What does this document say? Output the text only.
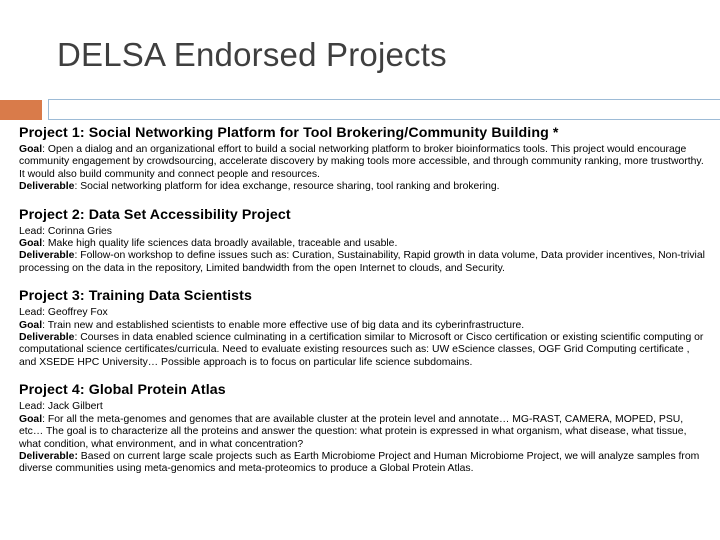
DELSA Endorsed Projects
Project 1: Social Networking Platform for Tool Brokering/Community Building *
Goal: Open a dialog and an organizational effort to build a social networking platform to broker bioinformatics tools. This project would encourage community engagement by crowdsourcing, accelerate discovery by making tools more accessible, and through community ranking, more trustworthy. It would also build community and connect people and resources.
Deliverable: Social networking platform for idea exchange, resource sharing, tool ranking and brokering.
Project 2: Data Set Accessibility Project
Lead: Corinna Gries
Goal: Make high quality life sciences data broadly available, traceable and usable.
Deliverable: Follow-on workshop to define issues such as: Curation, Sustainability, Rapid growth in data volume, Data provider incentives, Non-trivial processing on the data in the repository, Limited bandwidth from the open Internet to clouds, and Security.
Project 3: Training Data Scientists
Lead: Geoffrey Fox
Goal: Train new and established scientists to enable more effective use of big data and its cyberinfrastructure.
Deliverable: Courses in data enabled science culminating in a certification similar to Microsoft or Cisco certification or existing scientific computing or computational science certificates/curricula. Need to evaluate existing resources such as: UW eScience classes, OGF Grid Computing certificate , and XSEDE HPC University… Possible approach is to focus on particular life science subdomains.
Project 4: Global Protein Atlas
Lead: Jack Gilbert
Goal: For all the meta-genomes and genomes that are available cluster at the protein level and annotate… MG-RAST, CAMERA, MOPED, PSU, etc… The goal is to characterize all the proteins and answer the question: what protein is expressed in what organism, what disease, what tissue, what condition, what environment, and in what concentration?
Deliverable: Based on current large scale projects such as Earth Microbiome Project and Human Microbiome Project, we will analyze samples from diverse communities using meta-genomics and meta-proteomics to produce a Global Protein Atlas.
